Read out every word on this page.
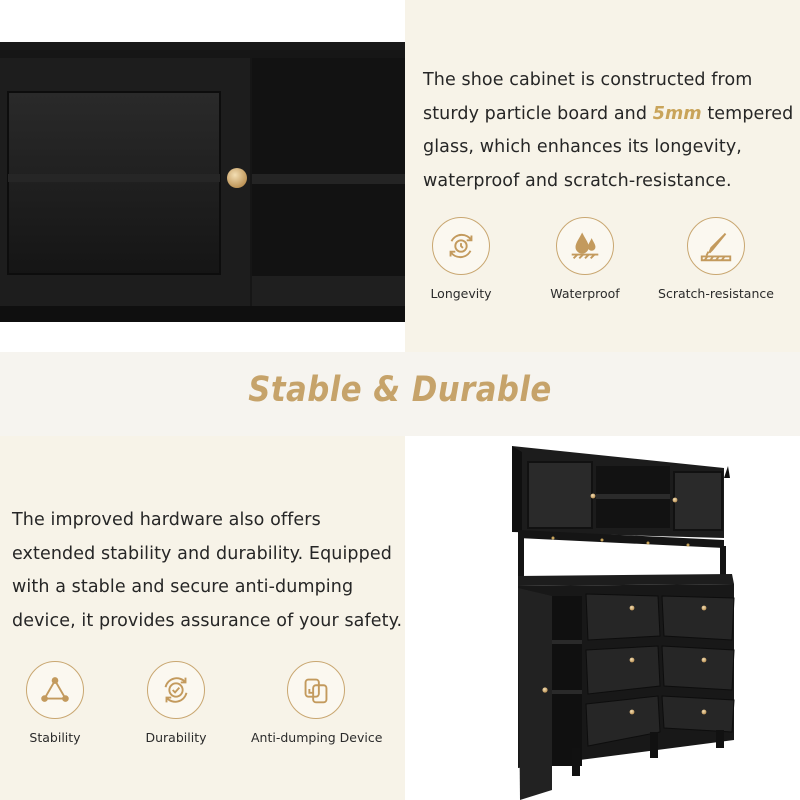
The shoe cabinet is constructed from sturdy particle board and 5mm tempered glass, which enhances its longevity, waterproof and scratch-resistance.
Longevity	Waterproof	Scratch-resistance
Stable & Durable
The improved hardware also offers extended stability and durability. Equipped with a stable and secure anti-dumping device, it provides assurance of your safety.
Stability	Durability	Anti-dumping Device
